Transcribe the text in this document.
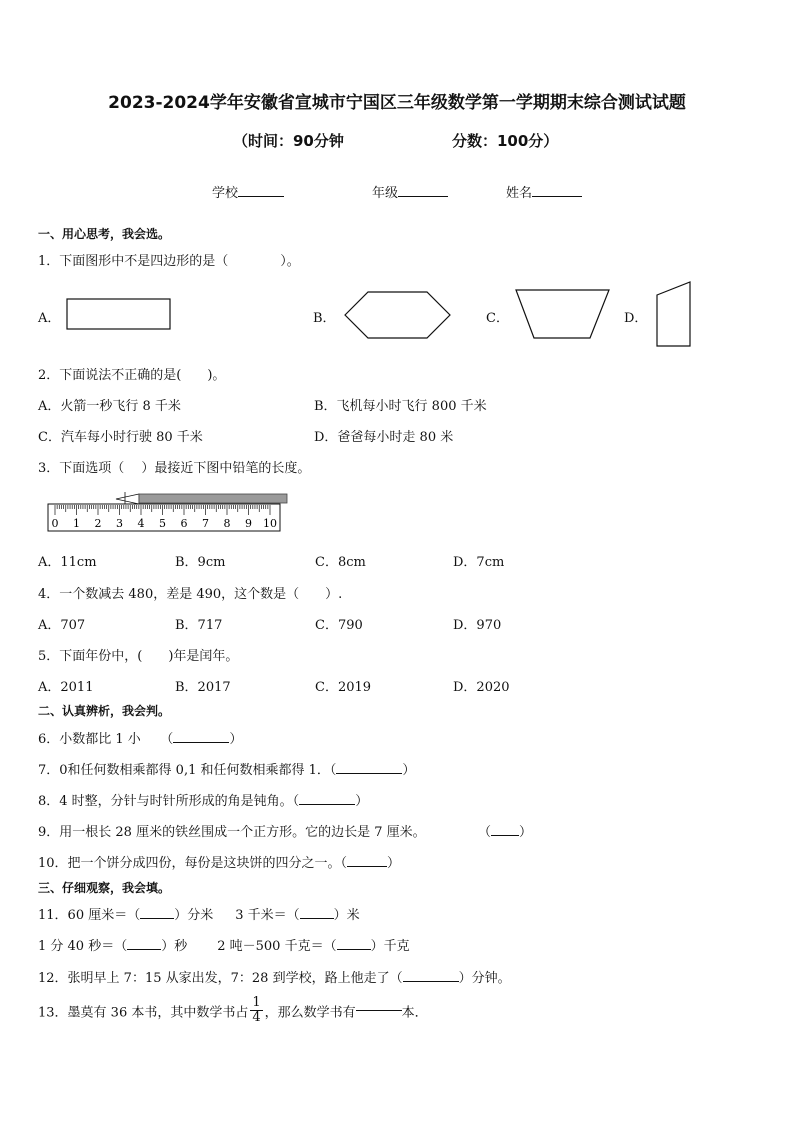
2023-2024学年安徽省宣城市宁国区三年级数学第一学期期末综合测试试题
（时间：90分钟	分数：100分）
学校	年级	姓名
一、用心思考，我会选。
1．下面图形中不是四边形的是（	）。
A．	B．	C．	D．
2．下面说法不正确的是(　　)。
A．火箭一秒飞行 8 千米	B．飞机每小时飞行 800 千米
C．汽车每小时行驶 80 千米	D．爸爸每小时走 80 米
3．下面选项（　 ）最接近下图中铅笔的长度。
0 1 2 3 4 5 6 7 8 9 10
A．11cm	B．9cm	C．8cm	D．7cm
4．一个数减去 480，差是 490，这个数是（　　）.
A．707	B．717	C．790	D．970
5．下面年份中，(　　)年是闰年。
A．2011	B．2017	C．2019	D．2020
二、认真辨析，我会判。
6．小数都比 1 小　　（	）
7．0和任何数相乘都得 0,1 和任何数相乘都得 1．（	）
8．4 时整，分针与时针所形成的角是钝角。（	）
9．用一根长 28 厘米的铁丝围成一个正方形。它的边长是 7 厘米。	（ ）
10．把一个饼分成四份，每份是这块饼的四分之一。（	）
三、仔细观察，我会填。
11．60 厘米＝（	）分米 3 千米＝（	）米
1 分 40 秒＝（	）秒 2 吨－500 千克＝（	）千克
12．张明早上 7：15 从家出发，7：28 到学校，路上他走了（	）分钟。
13．墨莫有 36 本书，其中数学书占 $\frac{1}{4}$ ，那么数学书有	本．
